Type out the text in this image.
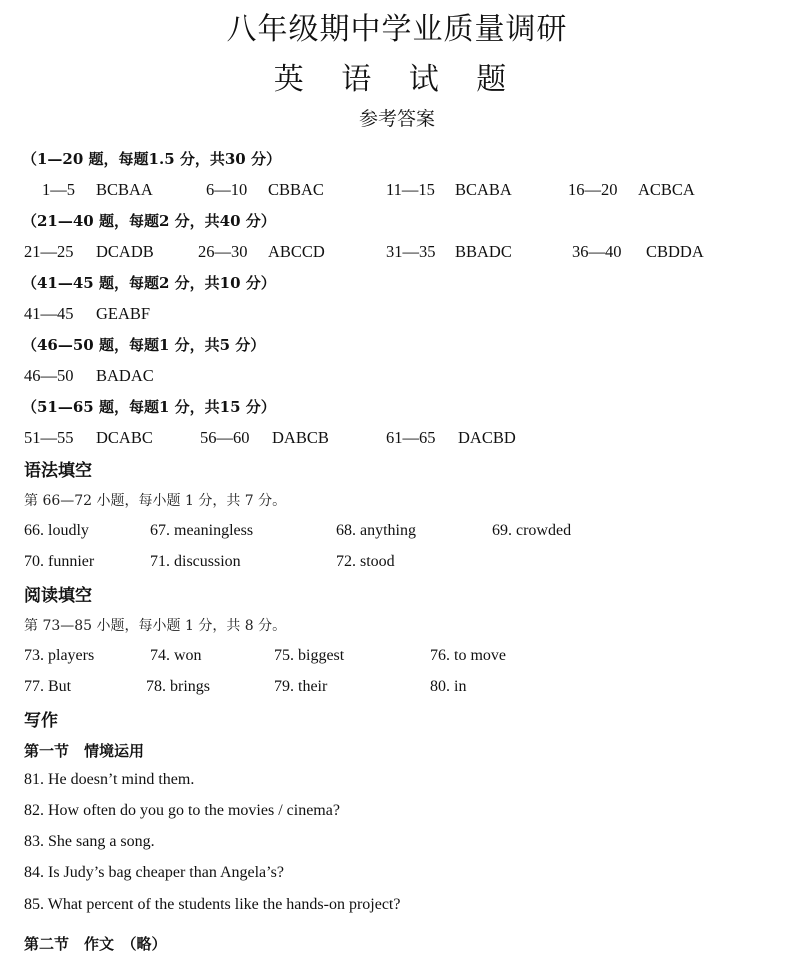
八年级期中学业质量调研
英 语 试 题
参考答案
（1—20 题，每题1.5 分，共30 分）
1—5 BCBAA	6—10 CBBAC	11—15 BCABA	16—20 ACBCA
（21—40 题，每题2 分，共40 分）
21—25 DCADB	26—30 ABCCD	31—35 BBADC	36—40 CBDDA
（41—45 题，每题2 分，共10 分）
41—45 GEABF
（46—50 题，每题1 分，共5 分）
46—50 BADAC
（51—65 题，每题1 分，共15 分）
51—55 DCABC	56—60 DABCB	61—65 DACBD
语法填空
第 66—72 小题，每小题 1 分，共 7 分。
66. loudly	67. meaningless	68. anything	69. crowded
70. funnier	71. discussion	72. stood
阅读填空
第 73—85 小题，每小题 1 分，共 8 分。
73. players	74. won	75. biggest	76. to move
77. But	78. brings	79. their	80. in
写作
第一节　情境运用
81. He doesn’t mind them.
82. How often do you go to the movies / cinema?
83. She sang a song.
84. Is Judy’s bag cheaper than Angela’s?
85. What percent of the students like the hands-on project?
第二节　作文　（略）
